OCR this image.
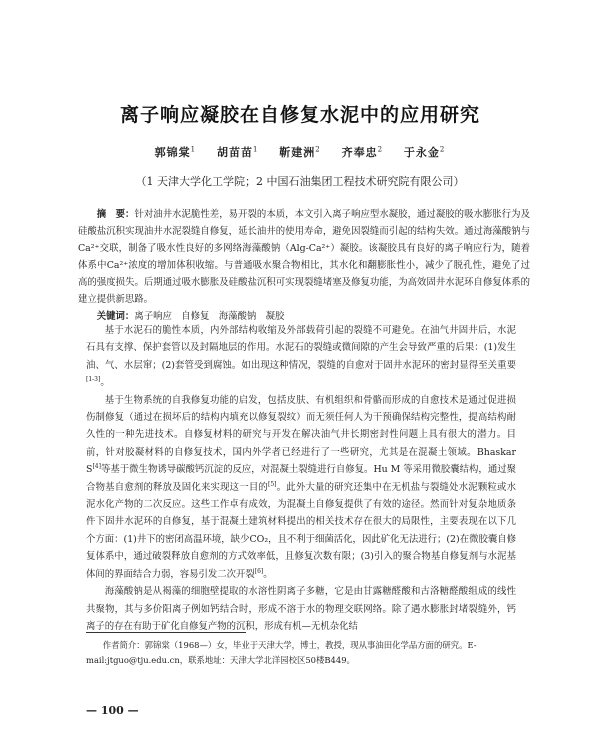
离子响应凝胶在自修复水泥中的应用研究
郭锦棠$^1$ 胡苗苗$^1$ 靳建洲$^2$ 齐奉忠$^2$ 于永金$^2$
（1 天津大学化工学院；2 中国石油集团工程技术研究院有限公司）

摘　要：针对油井水泥脆性差，易开裂的本质，本文引入离子响应型水凝胶，通过凝胶的吸水膨胀行为及硅酸盐沉积实现油井水泥裂缝自修复，延长油井的使用寿命，避免因裂缝而引起的结构失效。通过海藻酸钠与Ca²⁺交联，制备了吸水性良好的多网络海藻酸钠（Alg-Ca²⁺）凝胶。该凝胶具有良好的离子响应行为，随着体系中Ca²⁺浓度的增加体积收缩。与普通吸水聚合物相比，其水化和翻膨胀性小，减少了脱孔性，避免了过高的强度损失。后期通过吸水膨胀及硅酸盐沉积可实现裂缝堵塞及修复功能，为高效固井水泥环自修复体系的建立提供新思路。

关键词：离子响应　自修复　海藻酸钠　凝胶

基于水泥石的脆性本质，内外部结构收缩及外部载荷引起的裂缝不可避免。在油气井固井后，水泥石具有支撑、保护套管以及封隔地层的作用。水泥石的裂缝或微间隙的产生会导致严重的后果：(1)发生油、气、水层窜；(2)套管受到腐蚀。如出现这种情况，裂缝的自愈对于固井水泥环的密封显得至关重要[1-3]。

基于生物系统的自我修复功能的启发，包括皮肤、有机组织和骨骼而形成的自愈技术是通过促进损伤制修复（通过在损坏后的结构内填充以修复裂纹）而无须任何人为干预确保结构完整性，提高结构耐久性的一种先进技术。自修复材料的研究与开发在解决油气井长期密封性问题上具有很大的潜力。目前，针对胶凝材料的自修复技术，国内外学者已经进行了一些研究，尤其是在混凝土领域。Bhaskar S[4]等基于微生物诱导碳酸钙沉淀的反应，对混凝土裂缝进行自修复。Hu M 等采用微胶囊结构，通过聚合物基自愈剂的释放及固化来实现这一目的[5]。此外大量的研究还集中在无机盐与裂缝处水泥颗粒或水泥水化产物的二次反应。这些工作卓有成效，为混凝土自修复提供了有效的途径。然而针对复杂地质条件下固井水泥环的自修复，基于混凝土建筑材料提出的相关技术存在很大的局限性，主要表现在以下几个方面：(1)井下的密闭高温环境，缺少CO₂，且不利于细菌活化，因此矿化无法进行；(2)在微胶囊自修复体系中，通过破裂释放自愈剂的方式效率低，且修复次数有限；(3)引入的聚合物基自修复剂与水泥基体间的界面结合力弱，容易引发二次开裂[6]。

海藻酸钠是从褐藻的细胞壁提取的水溶性阴离子多糖，它是由甘露糖醛酸和古洛糖醛酸组成的线性共聚物，其与多价阳离子例如钙结合时，形成不溶于水的物理交联网络。除了遇水膨胀封堵裂缝外，钙离子的存在有助于矿化自修复产物的沉积，形成有机—无机杂化结

作者简介：郭锦棠（1968—）女，毕业于天津大学，博士，教授，现从事油田化学品方面的研究。E-mail:jtguo@tju.edu.cn，联系地址：天津大学北洋园校区50楼B449。
— 100 —
